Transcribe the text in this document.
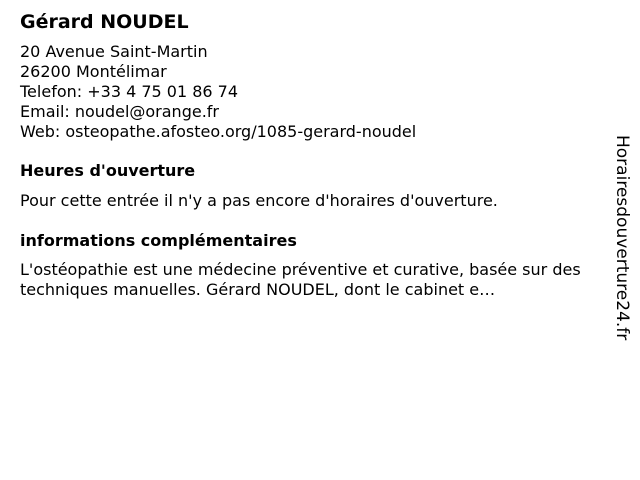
Gérard NOUDEL
20 Avenue Saint-Martin
26200 Montélimar
Telefon: +33 4 75 01 86 74
Email: noudel@orange.fr
Web: osteopathe.afosteo.org/1085-gerard-noudel
Heures d'ouverture
Pour cette entrée il n'y a pas encore d'horaires d'ouverture.
informations complémentaires
L'ostéopathie est une médecine préventive et curative, basée sur des techniques manuelles. Gérard NOUDEL, dont le cabinet e…	Horairesdouverture24.fr
